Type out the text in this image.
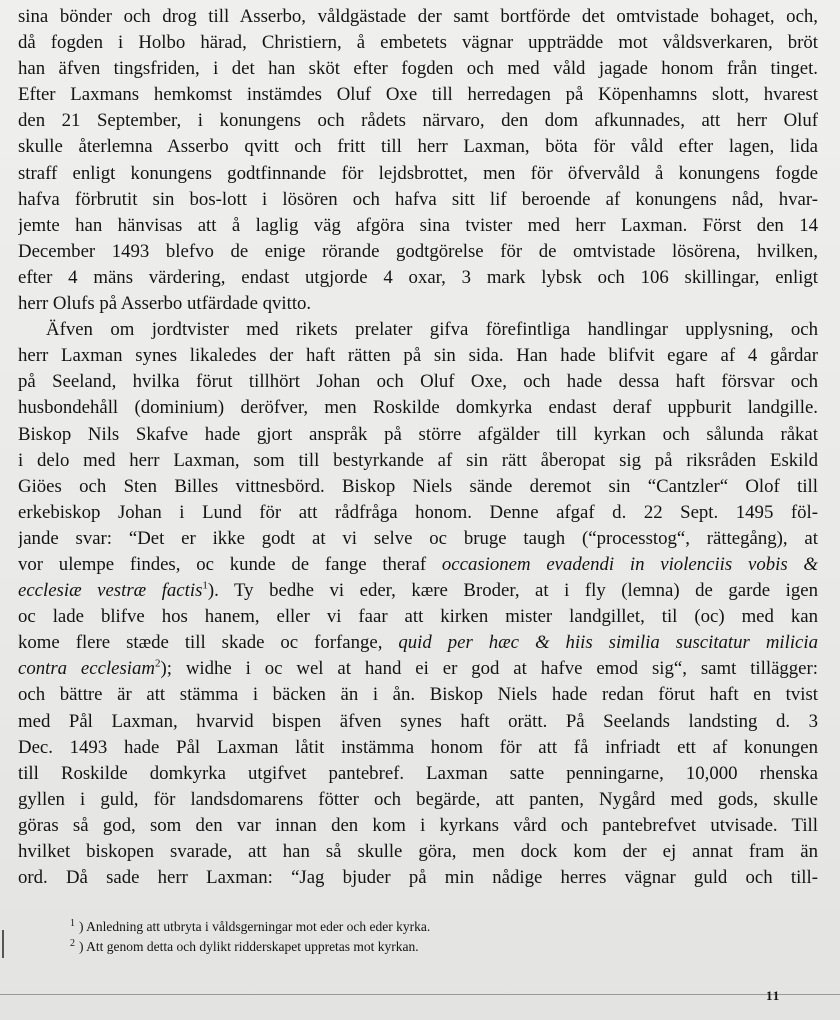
sina bönder och drog till Asserbo, våldgästade der samt bortförde det omtvistade bohaget, och,
då fogden i Holbo härad, Christiern, å embetets vägnar uppträdde mot våldsverkaren, bröt
han äfven tingsfriden, i det han sköt efter fogden och med våld jagade honom från tinget.
Efter Laxmans hemkomst instämdes Oluf Oxe till herredagen på Köpenhamns slott, hvarest
den 21 September, i konungens och rådets närvaro, den dom afkunnades, att herr Oluf
skulle återlemna Asserbo qvitt och fritt till herr Laxman, böta för våld efter lagen, lida
straff enligt konungens godtfinnande för lejdsbrottet, men för öfvervåld å konungens fogde
hafva förbrutit sin bos-lott i lösören och hafva sitt lif beroende af konungens nåd, hvar-
jemte han hänvisas att å laglig väg afgöra sina tvister med herr Laxman. Först den 14
December 1493 blefvo de enige rörande godtgörelse för de omtvistade lösörena, hvilken,
efter 4 mäns värdering, endast utgjorde 4 oxar, 3 mark lybsk och 106 skillingar, enligt
herr Olufs på Asserbo utfärdade qvitto.
Äfven om jordtvister med rikets prelater gifva förefintliga handlingar upplysning, och
herr Laxman synes likaledes der haft rätten på sin sida. Han hade blifvit egare af 4 gårdar
på Seeland, hvilka förut tillhört Johan och Oluf Oxe, och hade dessa haft försvar och
husbondehåll (dominium) deröfver, men Roskilde domkyrka endast deraf uppburit landgille.
Biskop Nils Skafve hade gjort anspråk på större afgälder till kyrkan och sålunda råkat
i delo med herr Laxman, som till bestyrkande af sin rätt åberopat sig på riksråden Eskild
Giöes och Sten Billes vittnesbörd. Biskop Niels sände deremot sin “Cantzler“ Olof till
erkebiskop Johan i Lund för att rådfråga honom. Denne afgaf d. 22 Sept. 1495 föl-
jande svar: “Det er ikke godt at vi selve oc bruge taugh (“processtog“, rättegång), at
vor ulempe findes, oc kunde de fange theraf occasionem evadendi in violenciis vobis &
ecclesiæ vestræ factis$^1$). Ty bedhe vi eder, kære Broder, at i fly (lemna) de garde igen
oc lade blifve hos hanem, eller vi faar att kirken mister landgillet, til (oc) med kan
kome flere stæde till skade oc forfange, quid per hæc & hiis similia suscitatur milicia
contra ecclesiam$^2$); widhe i oc wel at hand ei er god at hafve emod sig“, samt tillägger:
och bättre är att stämma i bäcken än i ån. Biskop Niels hade redan förut haft en tvist
med Pål Laxman, hvarvid bispen äfven synes haft orätt. På Seelands landsting d. 3
Dec. 1493 hade Pål Laxman låtit instämma honom för att få infriadt ett af konungen
till Roskilde domkyrka utgifvet pantebref. Laxman satte penningarne, 10,000 rhenska
gyllen i guld, för landsdomarens fötter och begärde, att panten, Nygård med gods, skulle
göras så god, som den var innan den kom i kyrkans vård och pantebrefvet utvisade. Till
hvilket biskopen svarade, att han så skulle göra, men dock kom der ej annat fram än
ord. Då sade herr Laxman: “Jag bjuder på min nådige herres vägnar guld och till-
$^1$ ) Anledning att utbryta i våldsgerningar mot eder och eder kyrka.
$^2$ ) Att genom detta och dylikt ridderskapet uppretas mot kyrkan.
11
